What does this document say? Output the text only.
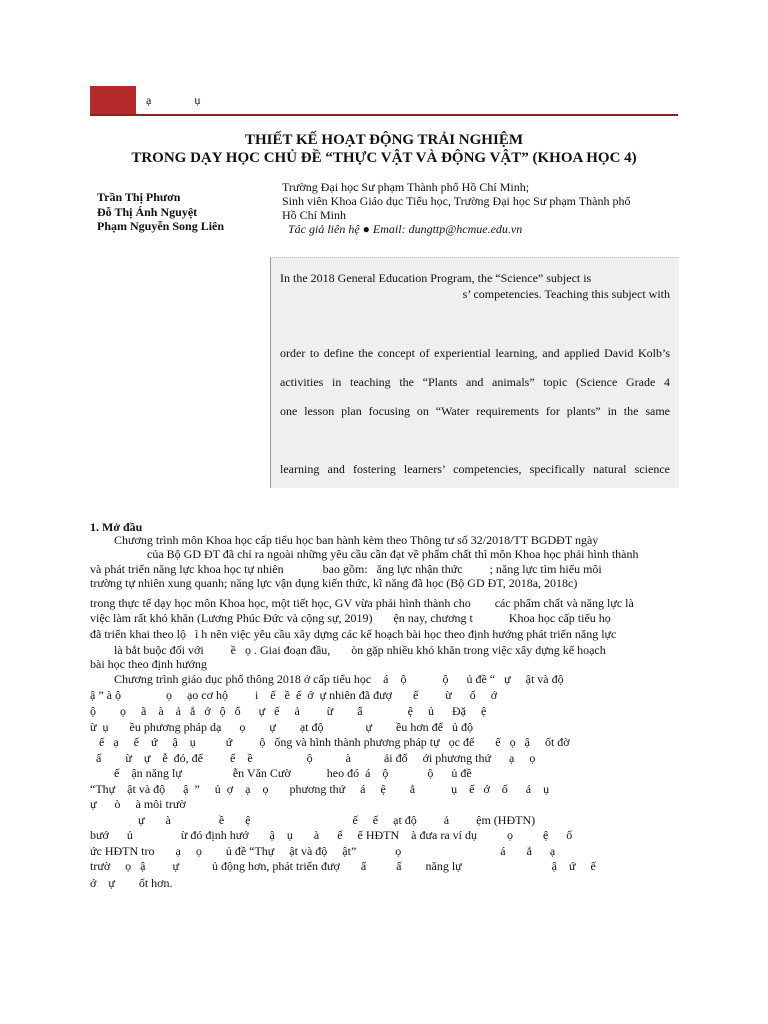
ạ ụ
THIẾT KẾ HOẠT ĐỘNG TRẢI NGHIỆM
TRONG DẠY HỌC CHỦ ĐỀ “THỰC VẬT VÀ ĐỘNG VẬT” (KHOA HỌC 4)
Trần Thị Phươn
Đỗ Thị Ánh Nguyệt
Phạm Nguyễn Song Liên
Trường Đại học Sư phạm Thành phố Hồ Chí Minh;
Sinh viên Khoa Giáo dục Tiểu học, Trường Đại học Sư phạm Thành phố
Hồ Chí Minh
Tác giả liên hệ ● Email: dungttp@hcmue.edu.vn
In the 2018 General Education Program, the “Science” subject is
s’ competencies. Teaching this subject with
order to define the concept of experiential learning, and applied David Kolb’s
activities in teaching the “Plants and animals” topic (Science Grade 4
one lesson plan focusing on “Water requirements for plants” in the same
learning and fostering learners’ competencies, specifically natural science
1. Mở đầu
Chương trình môn Khoa học cấp tiểu học ban hành kèm theo Thông tư số 32/2018/TT BGDĐT ngày
của Bộ GD ĐT đã chỉ ra ngoài những yêu cầu cần đạt về phẩm chất thì môn Khoa học phải hình thành
và phát triển năng lực khoa học tự nhiên             bao gồm:   ăng lực nhận thức         ; năng lực tìm hiểu môi
trường tự nhiên xung quanh; năng lực vận dụng kiến thức, kĩ năng đã học (Bộ GD ĐT, 2018a, 2018c)
trong thực tế dạy học môn Khoa học, một tiết học, GV vừa phải hình thành cho        các phẩm chất và năng lực là
việc làm rất khó khăn (Lương Phúc Đức và cộng sự, 2019)       ện nay, chương t            Khoa học cấp tiểu họ
đã triển khai theo lộ   ì h nên việc yêu cầu xây dựng các kế hoạch bài học theo định hướng phát triển năng lực
là bắt buộc đối với         ề   ọ . Giai đoạn đầu,       òn gặp nhiều khó khăn trong việc xây dựng kế hoạch
bài học theo định hướng
Chương trình giáo dục phổ thông 2018 ở cấp tiểu học    á    ộ            ộ      ủ đề “   ự     ật và độ
ậ ” à ộ               ọ     ạo cơ hộ         i    ế   ề  ế  ớ  ự nhiên đã đượ       ế         ừ      ổ     ớ
ộ        ọ     ã    à    ả   ắ   ớ   ộ   ổ      ự   ế     ả         ừ        ẩ               ệ     ủ      Đặ     ệ
ừ  ụ       ều phương pháp dạ      ọ        ự        ạt độ              ự        ều hơn để   ủ độ
ế   ạ     ế    ứ     ậ    ụ          ứ         ộ   ống và hình thành phương pháp tự   ọc để       ế   ọ   ậ     ốt đờ
ấ        ừ    ự    ễ  đó, để         ế    ề                  ộ           à           ải đổ     ới phương thứ      ạ     ọ
ế    ận năng lự                 ễn Văn Cườ            heo đó  á    ộ             ộ      ủ đề
“Thự    ật và độ      ậ  ”     ủ  ợ    ạ    ọ       phương thứ     á     ệ        ẳ            ụ    ế   ớ    ố      á    ụ
ự      ò     à môi trườ
ự       à                ề       ệ                                  ế     ế     ạt độ         ả         ệm (HĐTN)
bướ      ủ                ừ đó định hướ       ậ    ụ       à      ế     ế HĐTN    à đưa ra ví dụ          ọ          ệ      ổ
ức HĐTN tro       ạ     ọ        ủ đề “Thự     ật và độ     ật”             ọ                                 á       ẳ      ạ
trườ     ọ   ậ         ự           ủ động hơn, phát triển đượ       ẩ          ấ        năng lự                              ậ    ứ     ế
ớ    ự        ốt hơn.
